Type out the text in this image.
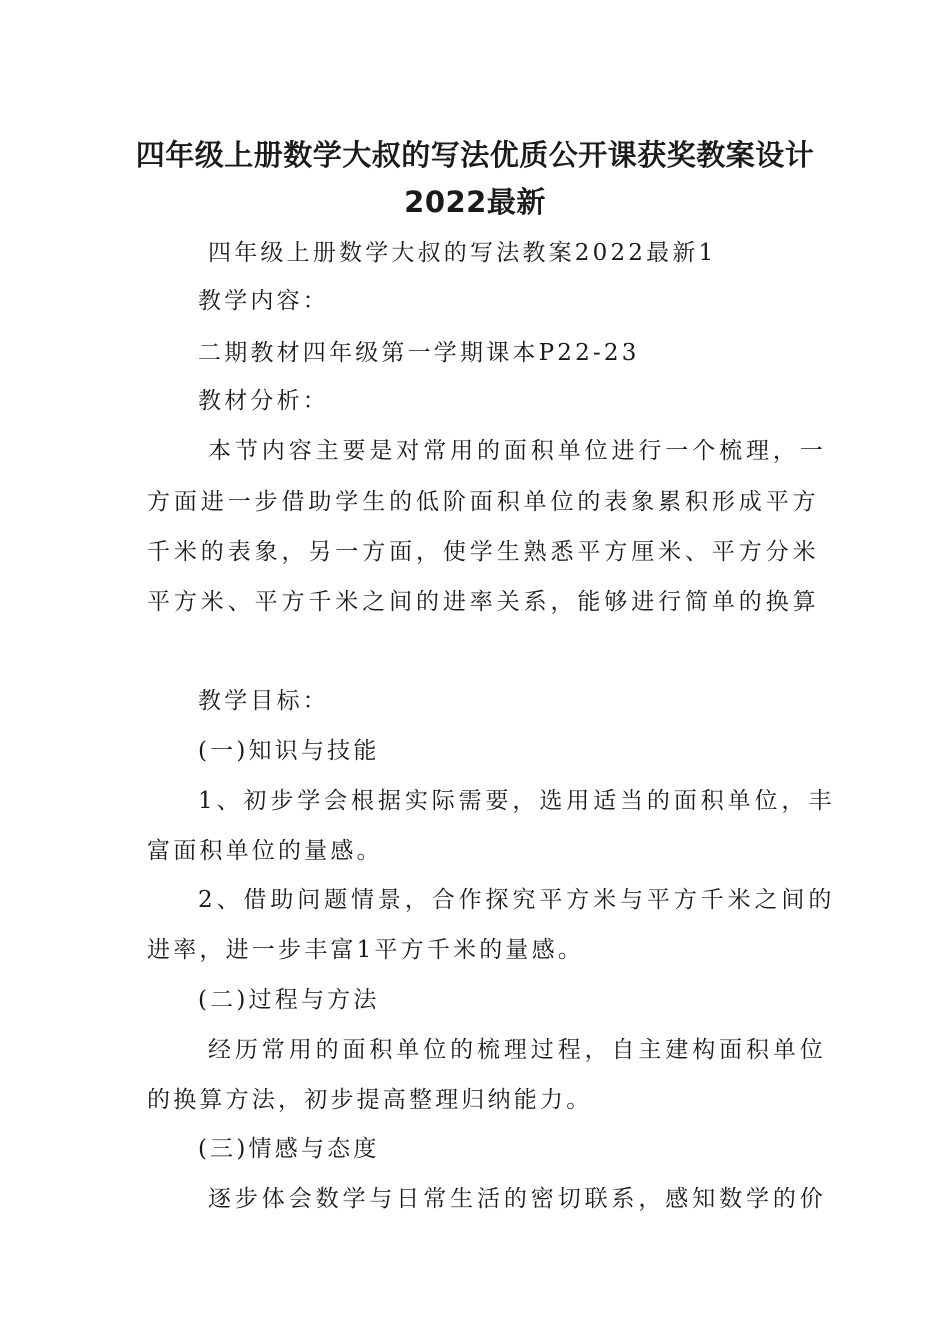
四年级上册数学大叔的写法优质公开课获奖教案设计
2022最新
四年级上册数学大叔的写法教案2022最新1
教学内容：
二期教材四年级第一学期课本P22-23
教材分析：
本节内容主要是对常用的面积单位进行一个梳理，一
方面进一步借助学生的低阶面积单位的表象累积形成平方
千米的表象，另一方面，使学生熟悉平方厘米、平方分米
平方米、平方千米之间的进率关系，能够进行简单的换算
教学目标：
(一)知识与技能
1、初步学会根据实际需要，选用适当的面积单位，丰
富面积单位的量感。
2、借助问题情景，合作探究平方米与平方千米之间的
进率，进一步丰富1平方千米的量感。
(二)过程与方法
经历常用的面积单位的梳理过程，自主建构面积单位
的换算方法，初步提高整理归纳能力。
(三)情感与态度
逐步体会数学与日常生活的密切联系，感知数学的价
